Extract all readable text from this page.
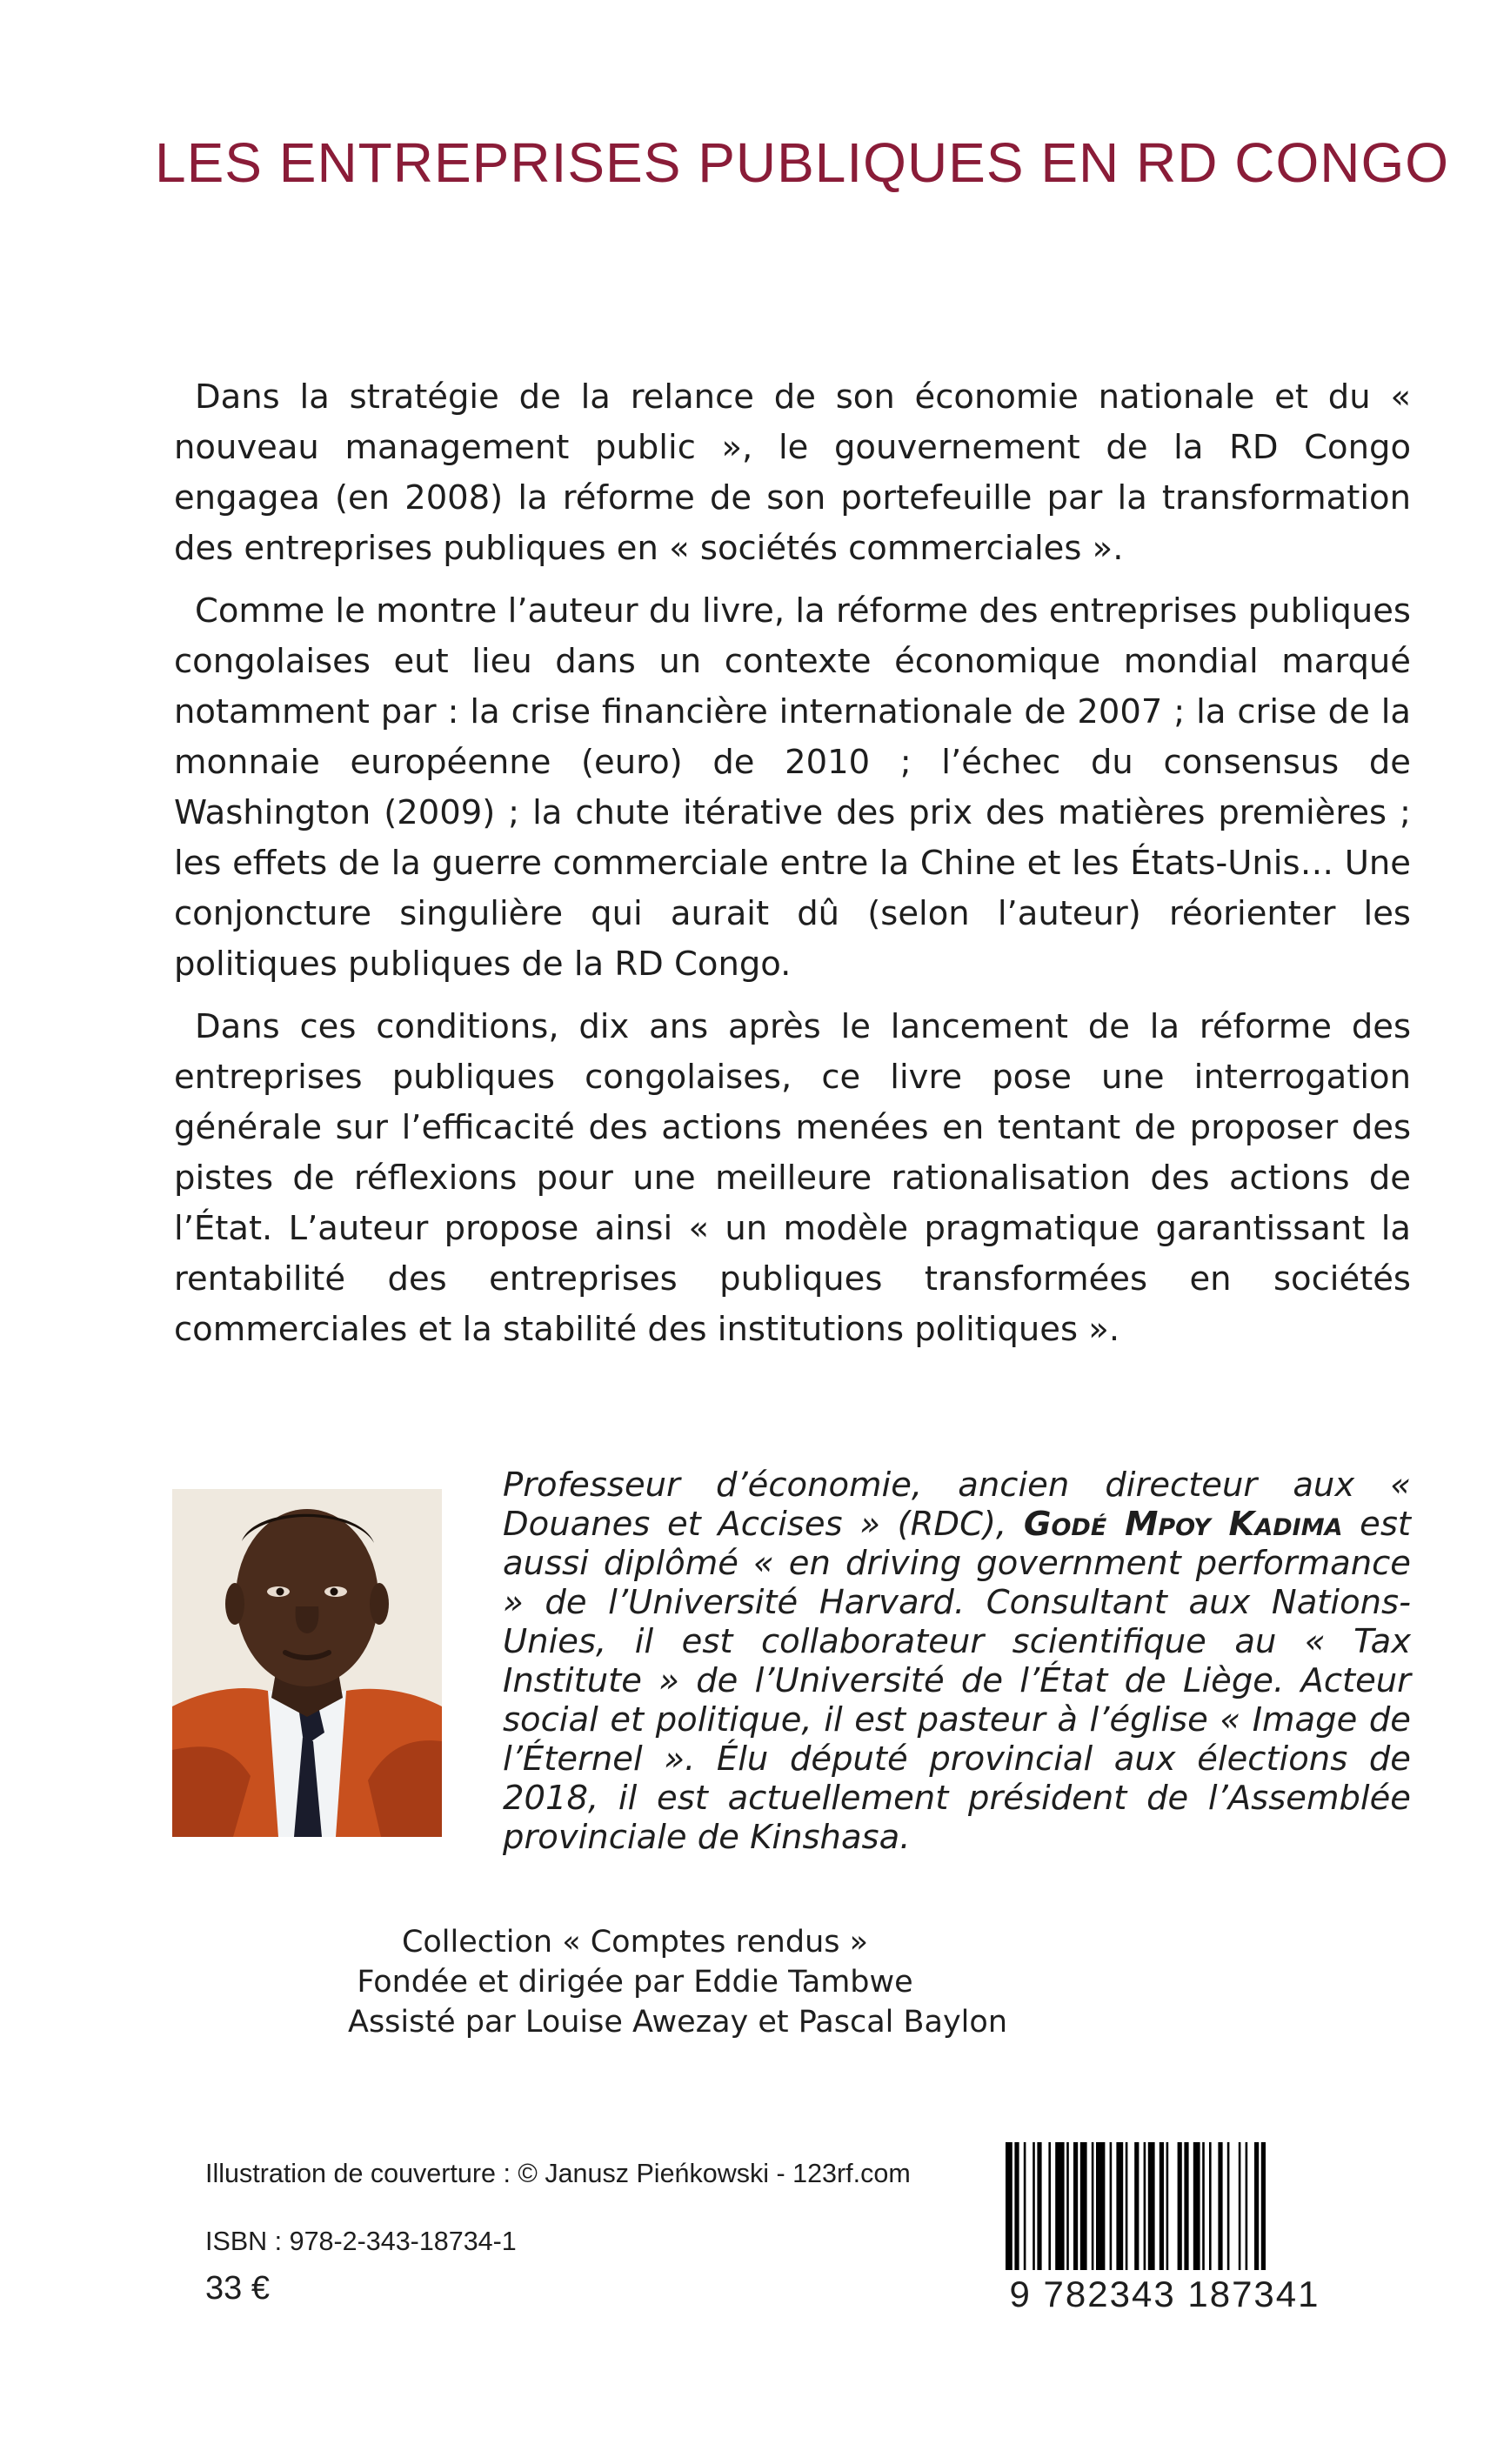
LES ENTREPRISES PUBLIQUES EN RD CONGO

Dans la stratégie de la relance de son économie nationale et du « nouveau management public », le gouvernement de la RD Congo engagea (en 2008) la réforme de son portefeuille par la transformation des entreprises publiques en « sociétés commerciales ».

Comme le montre l’auteur du livre, la réforme des entreprises publiques congolaises eut lieu dans un contexte économique mondial marqué notamment par : la crise financière internationale de 2007 ; la crise de la monnaie européenne (euro) de 2010 ; l’échec du consensus de Washington (2009) ; la chute itérative des prix des matières premières ; les effets de la guerre commerciale entre la Chine et les États-Unis… Une conjoncture singulière qui aurait dû (selon l’auteur) réorienter les politiques publiques de la RD Congo.

Dans ces conditions, dix ans après le lancement de la réforme des entreprises publiques congolaises, ce livre pose une interrogation générale sur l’efficacité des actions menées en tentant de proposer des pistes de réflexions pour une meilleure rationalisation des actions de l’État. L’auteur propose ainsi « un modèle pragmatique garantissant la rentabilité des entreprises publiques transformées en sociétés commerciales et la stabilité des institutions politiques ».

Professeur d’économie, ancien directeur aux « Douanes et Accises » (RDC), Godé Mpoy Kadima est aussi diplômé « en driving government performance » de l’Université Harvard. Consultant aux Nations-Unies, il est collaborateur scientifique au « Tax Institute » de l’Université de l’État de Liège. Acteur social et politique, il est pasteur à l’église « Image de l’Éternel ». Élu député provincial aux élections de 2018, il est actuellement président de l’Assemblée provinciale de Kinshasa.

Collection « Comptes rendus »
Fondée et dirigée par Eddie Tambwe
Assisté par Louise Awezay et Pascal Baylon

Illustration de couverture : © Janusz Pieńkowski - 123rf.com

ISBN : 978-2-343-18734-1

33 €	9 782343 187341
